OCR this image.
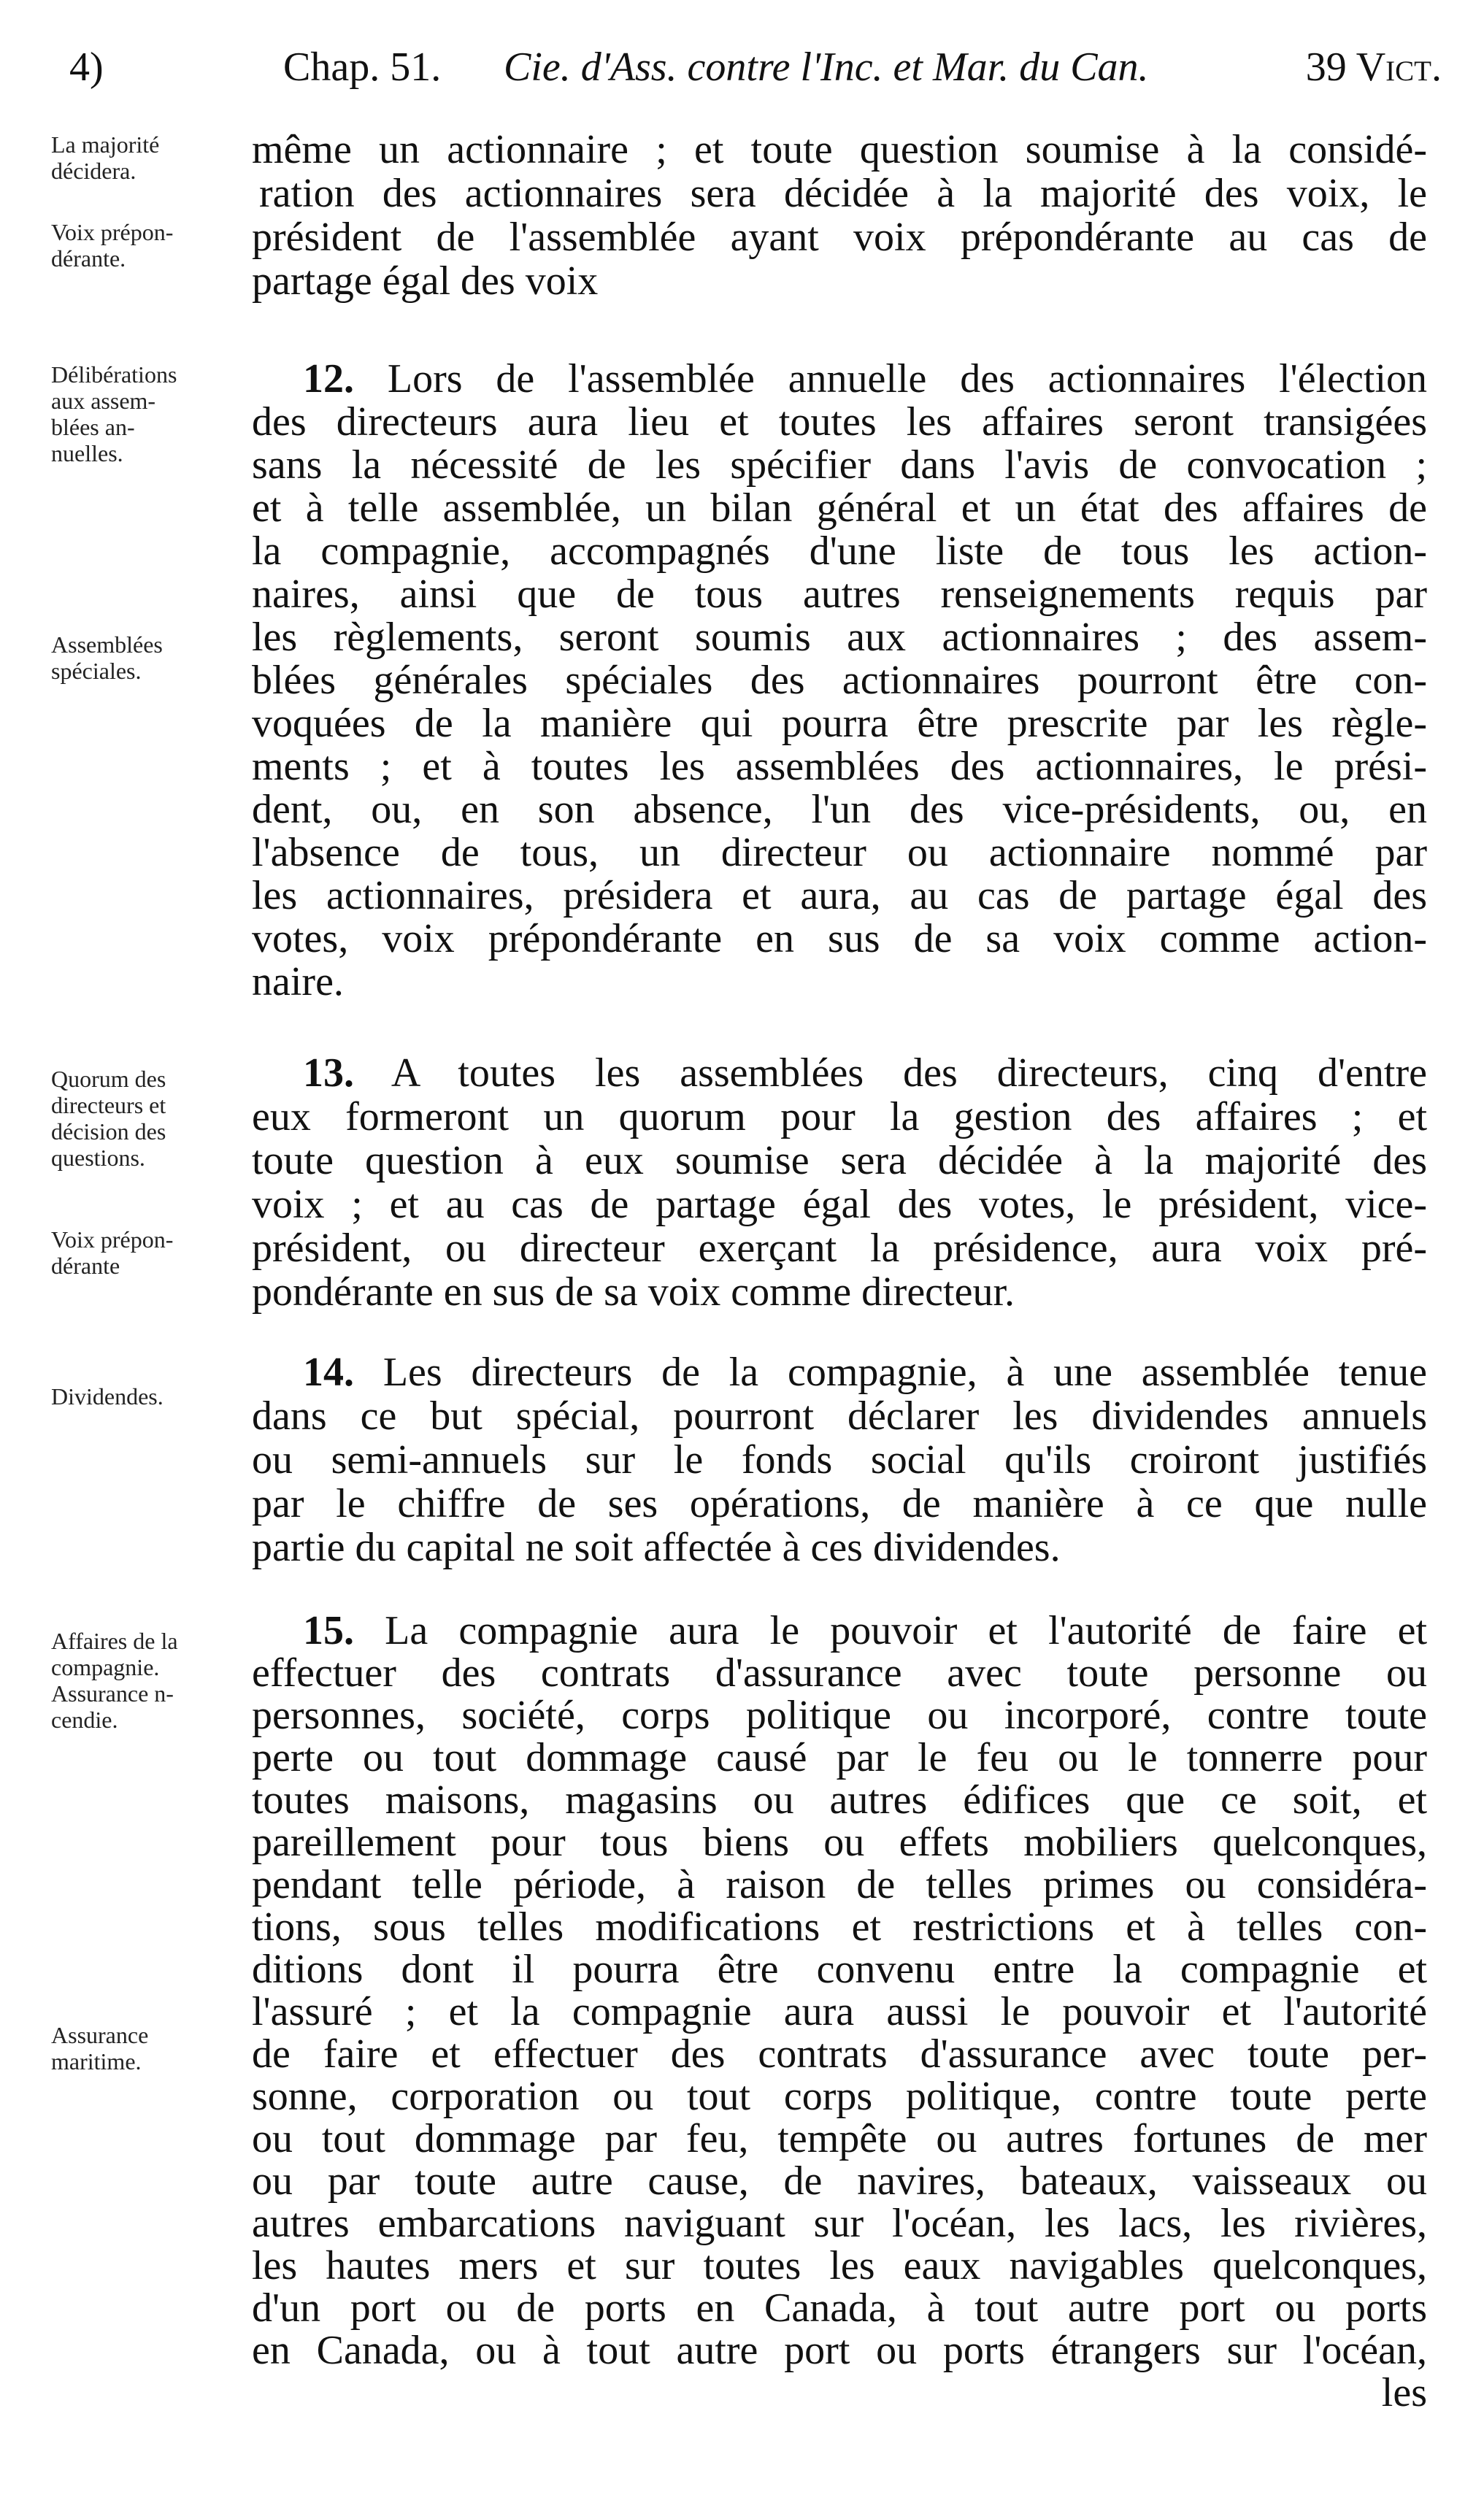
4)	Chap. 51. Cie. d'Ass. contre l'Inc. et Mar. du Can.	39 Vict.
La majorité
décidera.
Voix prépon-
dérante.
Délibérations
aux assem-
blées an-
nuelles.
Assemblées
spéciales.
Quorum des
directeurs et
décision des
questions.
Voix prépon-
dérante
Dividendes.
Affaires de la
compagnie.
Assurance n-
cendie.
Assurance
maritime.
même un actionnaire ; et toute question soumise à la considé-
ration des actionnaires sera décidée à la majorité des voix, le
président de l'assemblée ayant voix prépondérante au cas de
partage égal des voix
12. Lors de l'assemblée annuelle des actionnaires l'élection
des directeurs aura lieu et toutes les affaires seront transigées
sans la nécessité de les spécifier dans l'avis de convocation ;
et à telle assemblée, un bilan général et un état des affaires de
la compagnie, accompagnés d'une liste de tous les action-
naires, ainsi que de tous autres renseignements requis par
les règlements, seront soumis aux actionnaires ; des assem-
blées générales spéciales des actionnaires pourront être con-
voquées de la manière qui pourra être prescrite par les règle-
ments ; et à toutes les assemblées des actionnaires, le prési-
dent, ou, en son absence, l'un des vice-présidents, ou, en
l'absence de tous, un directeur ou actionnaire nommé par
les actionnaires, présidera et aura, au cas de partage égal des
votes, voix prépondérante en sus de sa voix comme action-
naire.
13. A toutes les assemblées des directeurs, cinq d'entre
eux formeront un quorum pour la gestion des affaires ; et
toute question à eux soumise sera décidée à la majorité des
voix ; et au cas de partage égal des votes, le président, vice-
président, ou directeur exerçant la présidence, aura voix pré-
pondérante en sus de sa voix comme directeur.
14. Les directeurs de la compagnie, à une assemblée tenue
dans ce but spécial, pourront déclarer les dividendes annuels
ou semi-annuels sur le fonds social qu'ils croiront justifiés
par le chiffre de ses opérations, de manière à ce que nulle
partie du capital ne soit affectée à ces dividendes.
15. La compagnie aura le pouvoir et l'autorité de faire et
effectuer des contrats d'assurance avec toute personne ou
personnes, société, corps politique ou incorporé, contre toute
perte ou tout dommage causé par le feu ou le tonnerre pour
toutes maisons, magasins ou autres édifices que ce soit, et
pareillement pour tous biens ou effets mobiliers quelconques,
pendant telle période, à raison de telles primes ou considéra-
tions, sous telles modifications et restrictions et à telles con-
ditions dont il pourra être convenu entre la compagnie et
l'assuré ; et la compagnie aura aussi le pouvoir et l'autorité
de faire et effectuer des contrats d'assurance avec toute per-
sonne, corporation ou tout corps politique, contre toute perte
ou tout dommage par feu, tempête ou autres fortunes de mer
ou par toute autre cause, de navires, bateaux, vaisseaux ou
autres embarcations naviguant sur l'océan, les lacs, les rivières,
les hautes mers et sur toutes les eaux navigables quelconques,
d'un port ou de ports en Canada, à tout autre port ou ports
en Canada, ou à tout autre port ou ports étrangers sur l'océan,
les
